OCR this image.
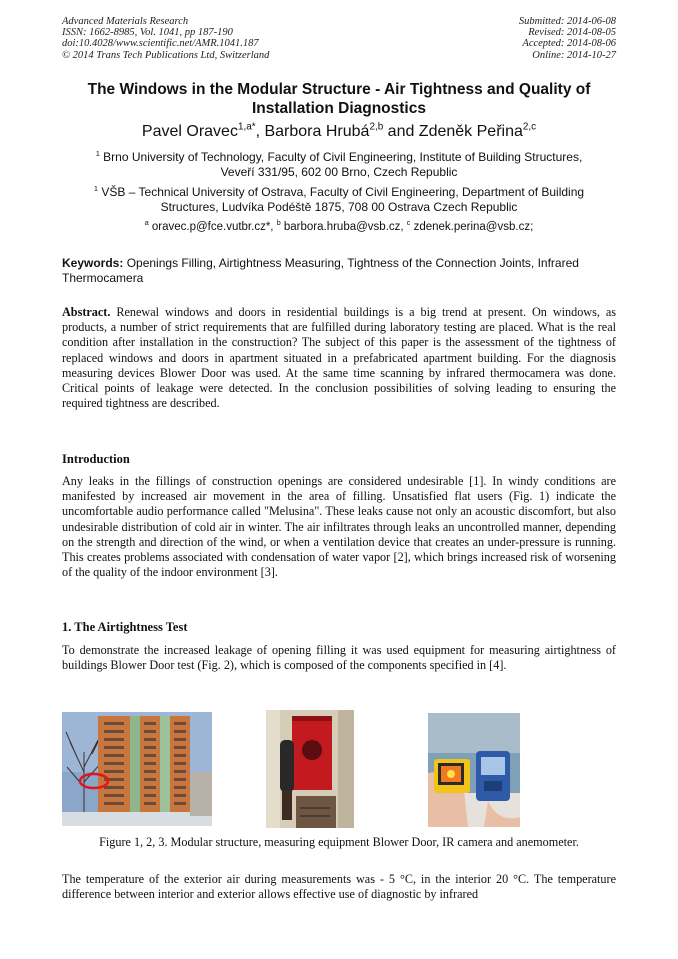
Advanced Materials Research
ISSN: 1662-8985, Vol. 1041, pp 187-190
doi:10.4028/www.scientific.net/AMR.1041.187
© 2014 Trans Tech Publications Ltd, Switzerland
Submitted: 2014-06-08
Revised: 2014-08-05
Accepted: 2014-08-06
Online: 2014-10-27
The Windows in the Modular Structure - Air Tightness and Quality of Installation Diagnostics
Pavel Oravec$^{1,a*}$, Barbora Hrubá$^{2,b}$ and Zdeněk Peřina$^{2,c}$
$^1$ Brno University of Technology, Faculty of Civil Engineering, Institute of Building Structures, Veveří 331/95, 602 00 Brno, Czech Republic
$^1$ VŠB – Technical University of Ostrava, Faculty of Civil Engineering, Department of Building Structures, Ludvíka Podéště 1875, 708 00 Ostrava Czech Republic
$^a$ oravec.p@fce.vutbr.cz*, $^b$ barbora.hruba@vsb.cz, $^c$ zdenek.perina@vsb.cz;
Keywords: Openings Filling, Airtightness Measuring, Tightness of the Connection Joints, Infrared Thermocamera
Abstract. Renewal windows and doors in residential buildings is a big trend at present. On windows, as products, a number of strict requirements that are fulfilled during laboratory testing are placed. What is the real condition after installation in the construction? The subject of this paper is the assessment of the tightness of replaced windows and doors in apartment situated in a prefabricated apartment building. For the diagnosis measuring devices Blower Door was used. At the same time scanning by infrared thermocamera was done. Critical points of leakage were detected. In the conclusion possibilities of solving leading to ensuring the required tightness are described.
Introduction
Any leaks in the fillings of construction openings are considered undesirable [1]. In windy conditions are manifested by increased air movement in the area of filling. Unsatisfied flat users (Fig. 1) indicate the uncomfortable audio performance called "Melusina". These leaks cause not only an acoustic discomfort, but also undesirable distribution of cold air in winter. The air infiltrates through leaks an uncontrolled manner, depending on the strength and direction of the wind, or when a ventilation device that creates an under-pressure is running. This creates problems associated with condensation of water vapor [2], which brings increased risk of worsening of the quality of the indoor environment [3].
1. The Airtightness Test
To demonstrate the increased leakage of opening filling it was used equipment for measuring airtightness of buildings Blower Door test (Fig. 2), which is composed of the components specified in [4].
Figure 1, 2, 3. Modular structure, measuring equipment Blower Door, IR camera and anemometer.
The temperature of the exterior air during measurements was - 5 °C, in the interior 20 °C. The temperature difference between interior and exterior allows effective use of diagnostic by infrared
